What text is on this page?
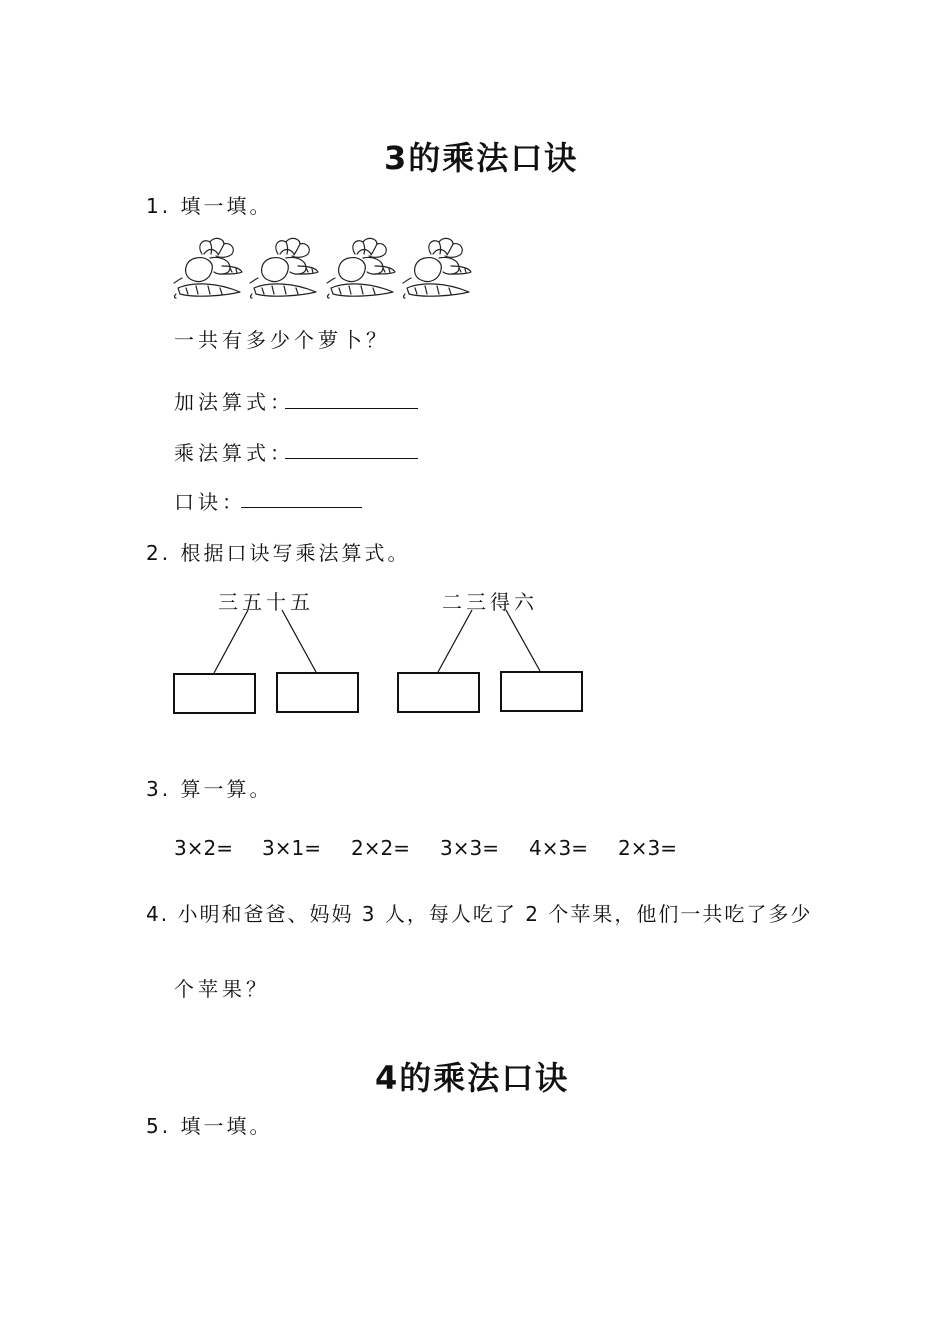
3的乘法口诀
1. 填一填。
一共有多少个萝卜？
加法算式：
乘法算式：
口诀：
2. 根据口诀写乘法算式。
三五十五	二三得六
3. 算一算。
3×2= 3×1= 2×2= 3×3= 4×3= 2×3=
4. 小明和爸爸、妈妈 3 人，每人吃了 2 个苹果，他们一共吃了多少
个苹果？
4的乘法口诀
5. 填一填。
